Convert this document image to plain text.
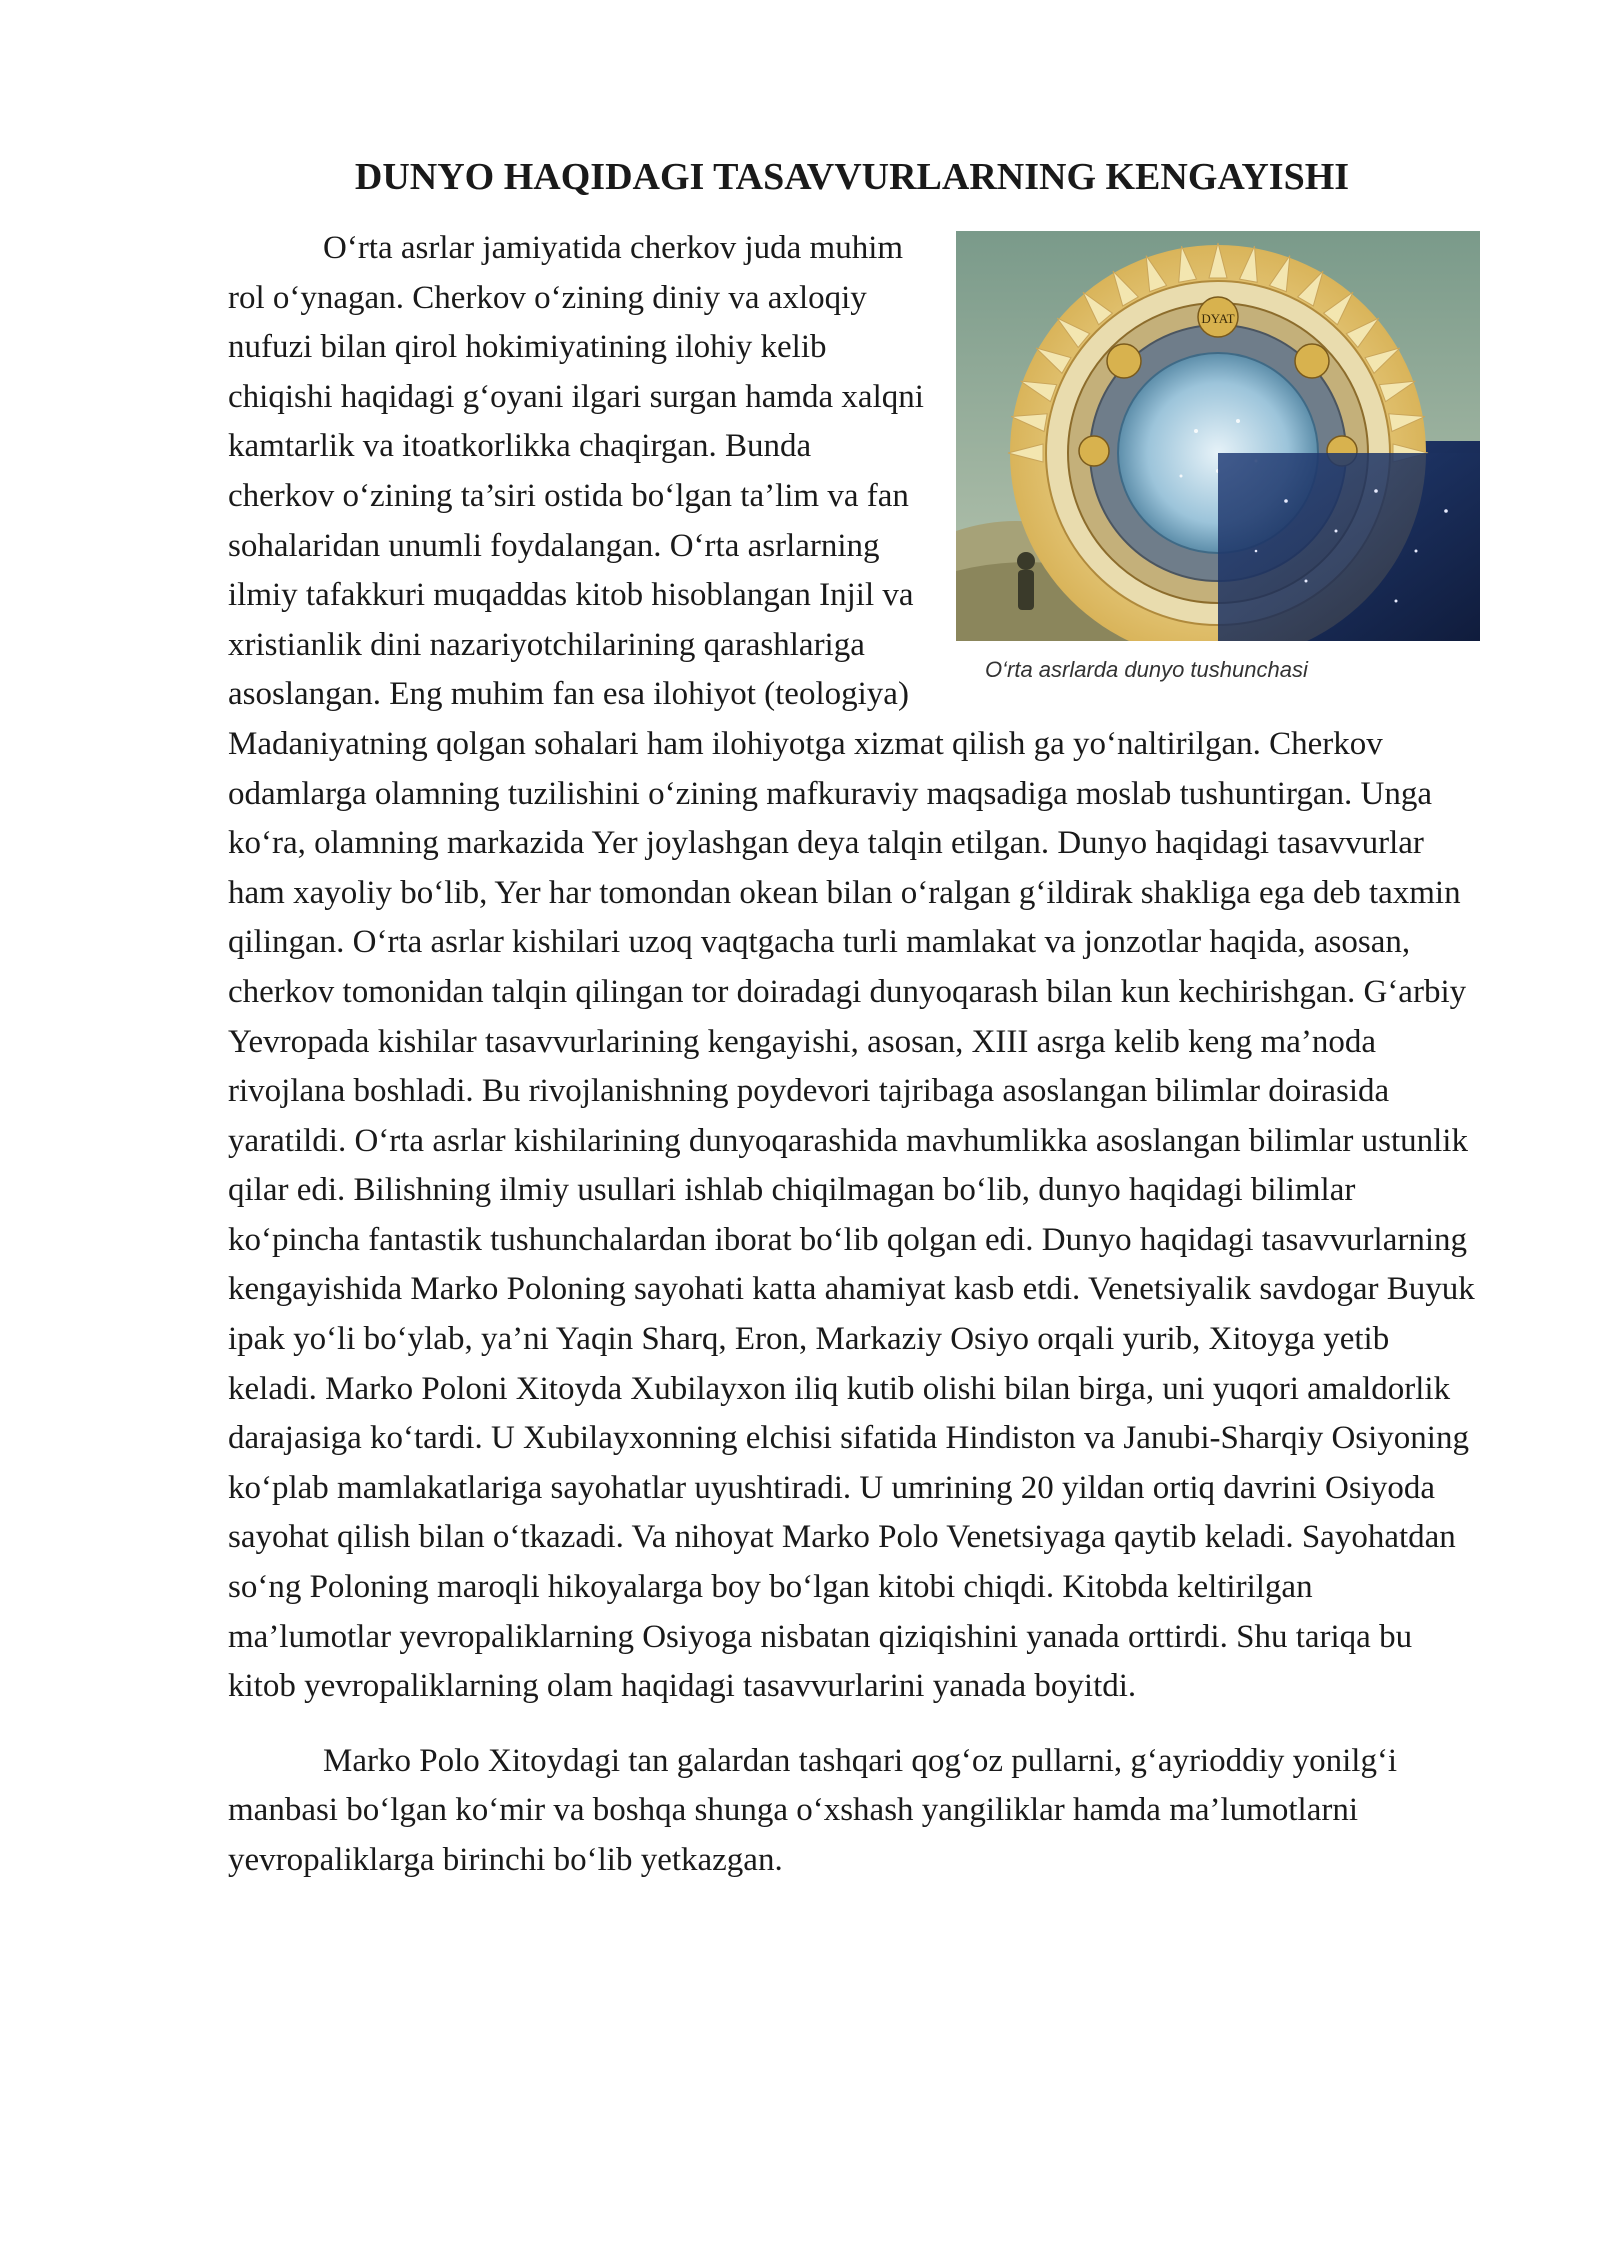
DUNYO HAQIDAGI TASAVVURLARNING KENGAYISHI
DYAT
O‘rta asrlarda dunyo tushunchasi

O‘rta asrlar jamiyatida cherkov juda muhim rol o‘ynagan. Cherkov o‘zining diniy va axloqiy nufuzi bilan qirol hokimiyatining ilohiy kelib chiqishi haqidagi g‘oyani ilgari surgan hamda xalqni kamtarlik va itoatkorlikka chaqirgan. Bunda cherkov o‘zining ta’siri ostida bo‘lgan ta’lim va fan sohalaridan unumli foydalangan. O‘rta asrlarning ilmiy tafakkuri muqaddas kitob hisoblangan Injil va xristianlik dini nazariyotchilarining qarashlariga asoslangan. Eng muhim fan esa ilohiyot (teologiya) Madaniyatning qolgan sohalari ham ilohiyotga xizmat qilish ga yo‘naltirilgan. Cherkov odamlarga olamning tuzilishini o‘zining mafkuraviy maqsadiga moslab tushuntirgan. Unga ko‘ra, olamning markazida Yer joylashgan deya talqin etilgan. Dunyo haqidagi tasavvurlar ham xayoliy bo‘lib, Yer har tomondan okean bilan o‘ralgan g‘ildirak shakliga ega deb taxmin qilingan. O‘rta asrlar kishilari uzoq vaqtgacha turli mamlakat va jonzotlar haqida, asosan, cherkov tomonidan talqin qilingan tor doiradagi dunyoqarash bilan kun kechirishgan. G‘arbiy Yevropada kishilar tasavvurlarining kengayishi, asosan, XIII asrga kelib keng ma’noda rivojlana boshladi. Bu rivojlanishning poydevori tajribaga asoslangan bilimlar doirasida yaratildi. O‘rta asrlar kishilarining dunyoqarashida mavhumlikka asoslangan bilimlar ustunlik qilar edi. Bilishning ilmiy usullari ishlab chiqilmagan bo‘lib, dunyo haqidagi bilimlar ko‘pincha fantastik tushunchalardan iborat bo‘lib qolgan edi. Dunyo haqidagi tasavvurlarning kengayishida Marko Poloning sayohati katta ahamiyat kasb etdi. Venetsiyalik savdogar Buyuk ipak yo‘li bo‘ylab, ya’ni Yaqin Sharq, Eron, Markaziy Osiyo orqali yurib, Xitoyga yetib keladi. Marko Poloni Xitoyda Xubilayxon iliq kutib olishi bilan birga, uni yuqori amaldorlik darajasiga ko‘tardi. U Xubilayxonning elchisi sifatida Hindiston va Janubi-Sharqiy Osiyoning ko‘plab mamlakatlariga sayohatlar uyushtiradi. U umrining 20 yildan ortiq davrini Osiyoda sayohat qilish bilan o‘tkazadi. Va nihoyat Marko Polo Venetsiyaga qaytib keladi. Sayohatdan so‘ng Poloning maroqli hikoyalarga boy bo‘lgan kitobi chiqdi. Kitobda keltirilgan ma’lumotlar yevropaliklarning Osiyoga nisbatan qiziqishini yanada orttirdi. Shu tariqa bu kitob yevropaliklarning olam haqidagi tasavvurlarini yanada boyitdi.

Marko Polo Xitoydagi tan galardan tashqari qog‘oz pullarni, g‘ayrioddiy yonilg‘i manbasi bo‘lgan ko‘mir va boshqa shunga o‘xshash yangiliklar hamda ma’lumotlarni yevropaliklarga birinchi bo‘lib yetkazgan.
